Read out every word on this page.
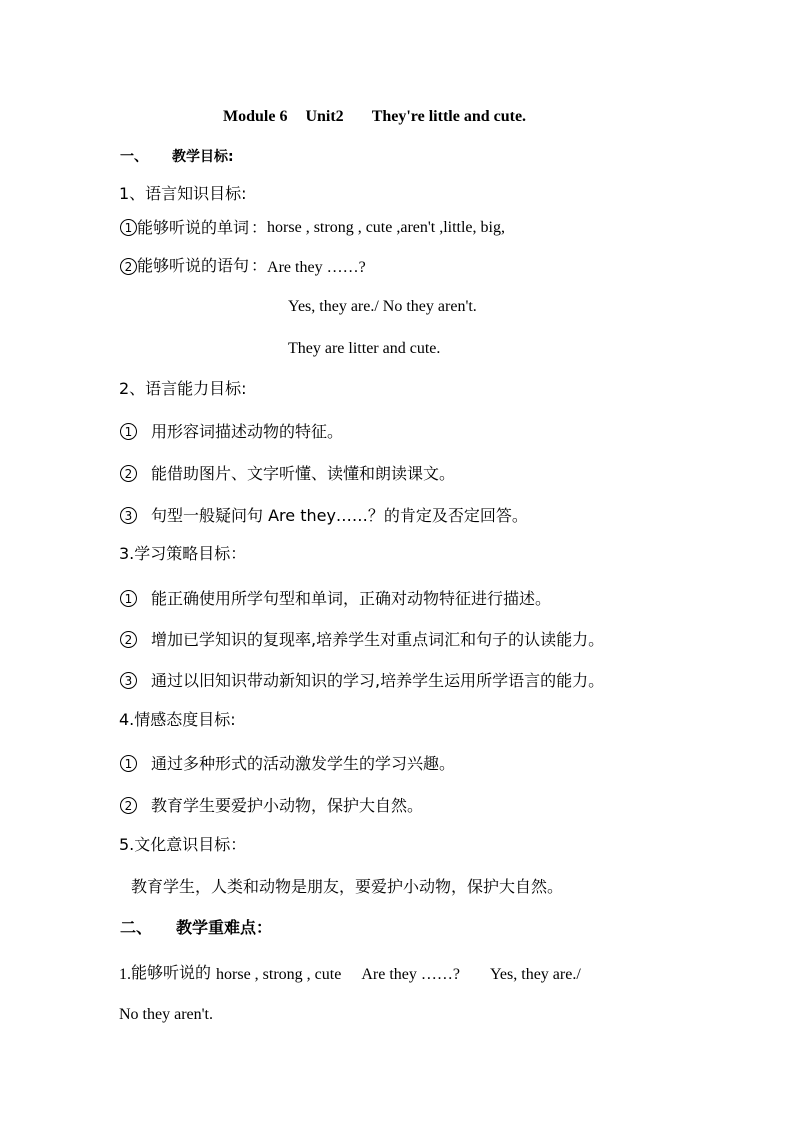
Module 6 Unit2 They're little and cute.
一、 教学目标:
1、语言知识目标:
1 能够听说的单词 ： horse , strong , cute ,aren't ,little, big,
2 能够听说的语句 ： Are they ……?
Yes, they are./ No they aren't.
They are litter and cute.
2、语言能力目标:
1 用形容词描述动物的特征。
2 能借助图片、文字听懂、读懂和朗读课文。
3 句型一般疑问句 Are they……？的肯定及否定回答。
3.学习策略目标：
1 能正确使用所学句型和单词，正确对动物特征进行描述。
2 增加已学知识的复现率,培养学生对重点词汇和句子的认读能力。
3 通过以旧知识带动新知识的学习,培养学生运用所学语言的能力。
4.情感态度目标:
1 通过多种形式的活动激发学生的学习兴趣。
2 教育学生要爱护小动物，保护大自然。
5.文化意识目标：
教育学生，人类和动物是朋友，要爱护小动物，保护大自然。
二、 教学重难点：
1. 能够听说的 horse , strong , cute Are they ……? Yes, they are./
No they aren't.
